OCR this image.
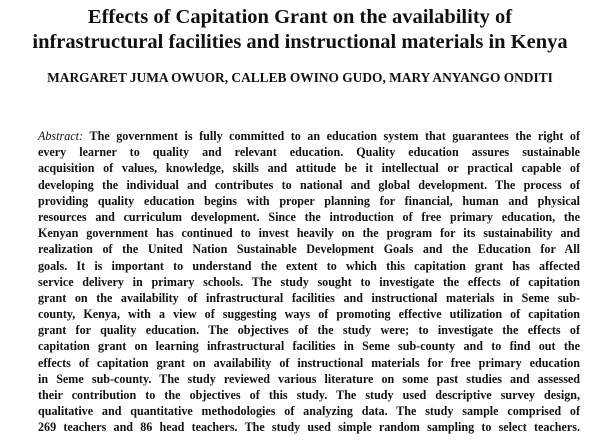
Effects of Capitation Grant on the availability of
infrastructural facilities and instructional materials in Kenya
MARGARET JUMA OWUOR, CALLEB OWINO GUDO, MARY ANYANGO ONDITI
Abstract: The government is fully committed to an education system that guarantees the right of
every learner to quality and relevant education. Quality education assures sustainable
acquisition of values, knowledge, skills and attitude be it intellectual or practical capable of
developing the individual and contributes to national and global development. The process of
providing quality education begins with proper planning for financial, human and physical
resources and curriculum development. Since the introduction of free primary education, the
Kenyan government has continued to invest heavily on the program for its sustainability and
realization of the United Nation Sustainable Development Goals and the Education for All
goals. It is important to understand the extent to which this capitation grant has affected
service delivery in primary schools. The study sought to investigate the effects of capitation
grant on the availability of infrastructural facilities and instructional materials in Seme sub-
county, Kenya, with a view of suggesting ways of promoting effective utilization of capitation
grant for quality education. The objectives of the study were; to investigate the effects of
capitation grant on learning infrastructural facilities in Seme sub-county and to find out the
effects of capitation grant on availability of instructional materials for free primary education
in Seme sub-county. The study reviewed various literature on some past studies and assessed
their contribution to the objectives of this study. The study used descriptive survey design,
qualitative and quantitative methodologies of analyzing data. The study sample comprised of
269 teachers and 86 head teachers. The study used simple random sampling to select teachers.
